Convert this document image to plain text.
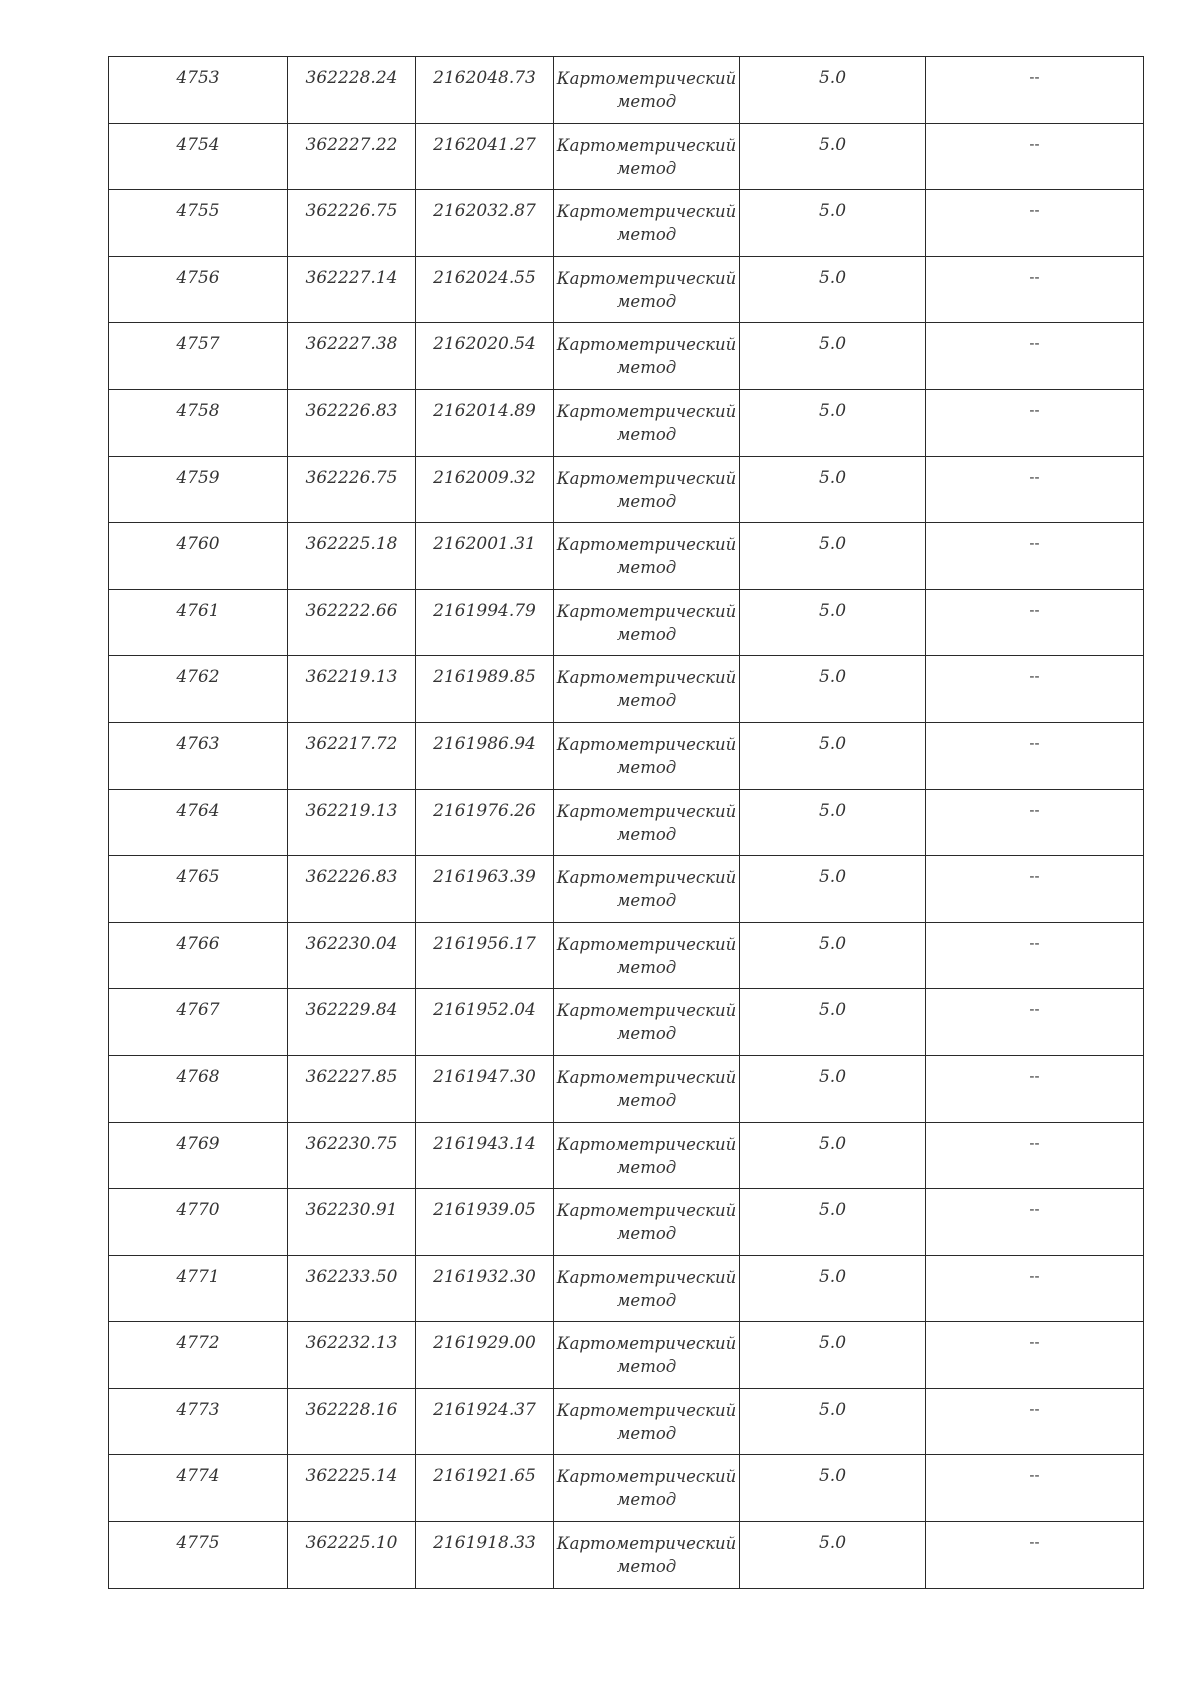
4753	362228.24	2162048.73	Картометрический
метод	5.0	--

4754	362227.22	2162041.27	Картометрический
метод	5.0	--

4755	362226.75	2162032.87	Картометрический
метод	5.0	--

4756	362227.14	2162024.55	Картометрический
метод	5.0	--

4757	362227.38	2162020.54	Картометрический
метод	5.0	--

4758	362226.83	2162014.89	Картометрический
метод	5.0	--

4759	362226.75	2162009.32	Картометрический
метод	5.0	--

4760	362225.18	2162001.31	Картометрический
метод	5.0	--

4761	362222.66	2161994.79	Картометрический
метод	5.0	--

4762	362219.13	2161989.85	Картометрический
метод	5.0	--

4763	362217.72	2161986.94	Картометрический
метод	5.0	--

4764	362219.13	2161976.26	Картометрический
метод	5.0	--

4765	362226.83	2161963.39	Картометрический
метод	5.0	--

4766	362230.04	2161956.17	Картометрический
метод	5.0	--

4767	362229.84	2161952.04	Картометрический
метод	5.0	--

4768	362227.85	2161947.30	Картометрический
метод	5.0	--

4769	362230.75	2161943.14	Картометрический
метод	5.0	--

4770	362230.91	2161939.05	Картометрический
метод	5.0	--

4771	362233.50	2161932.30	Картометрический
метод	5.0	--

4772	362232.13	2161929.00	Картометрический
метод	5.0	--

4773	362228.16	2161924.37	Картометрический
метод	5.0	--

4774	362225.14	2161921.65	Картометрический
метод	5.0	--

4775	362225.10	2161918.33	Картометрический
метод	5.0	--
